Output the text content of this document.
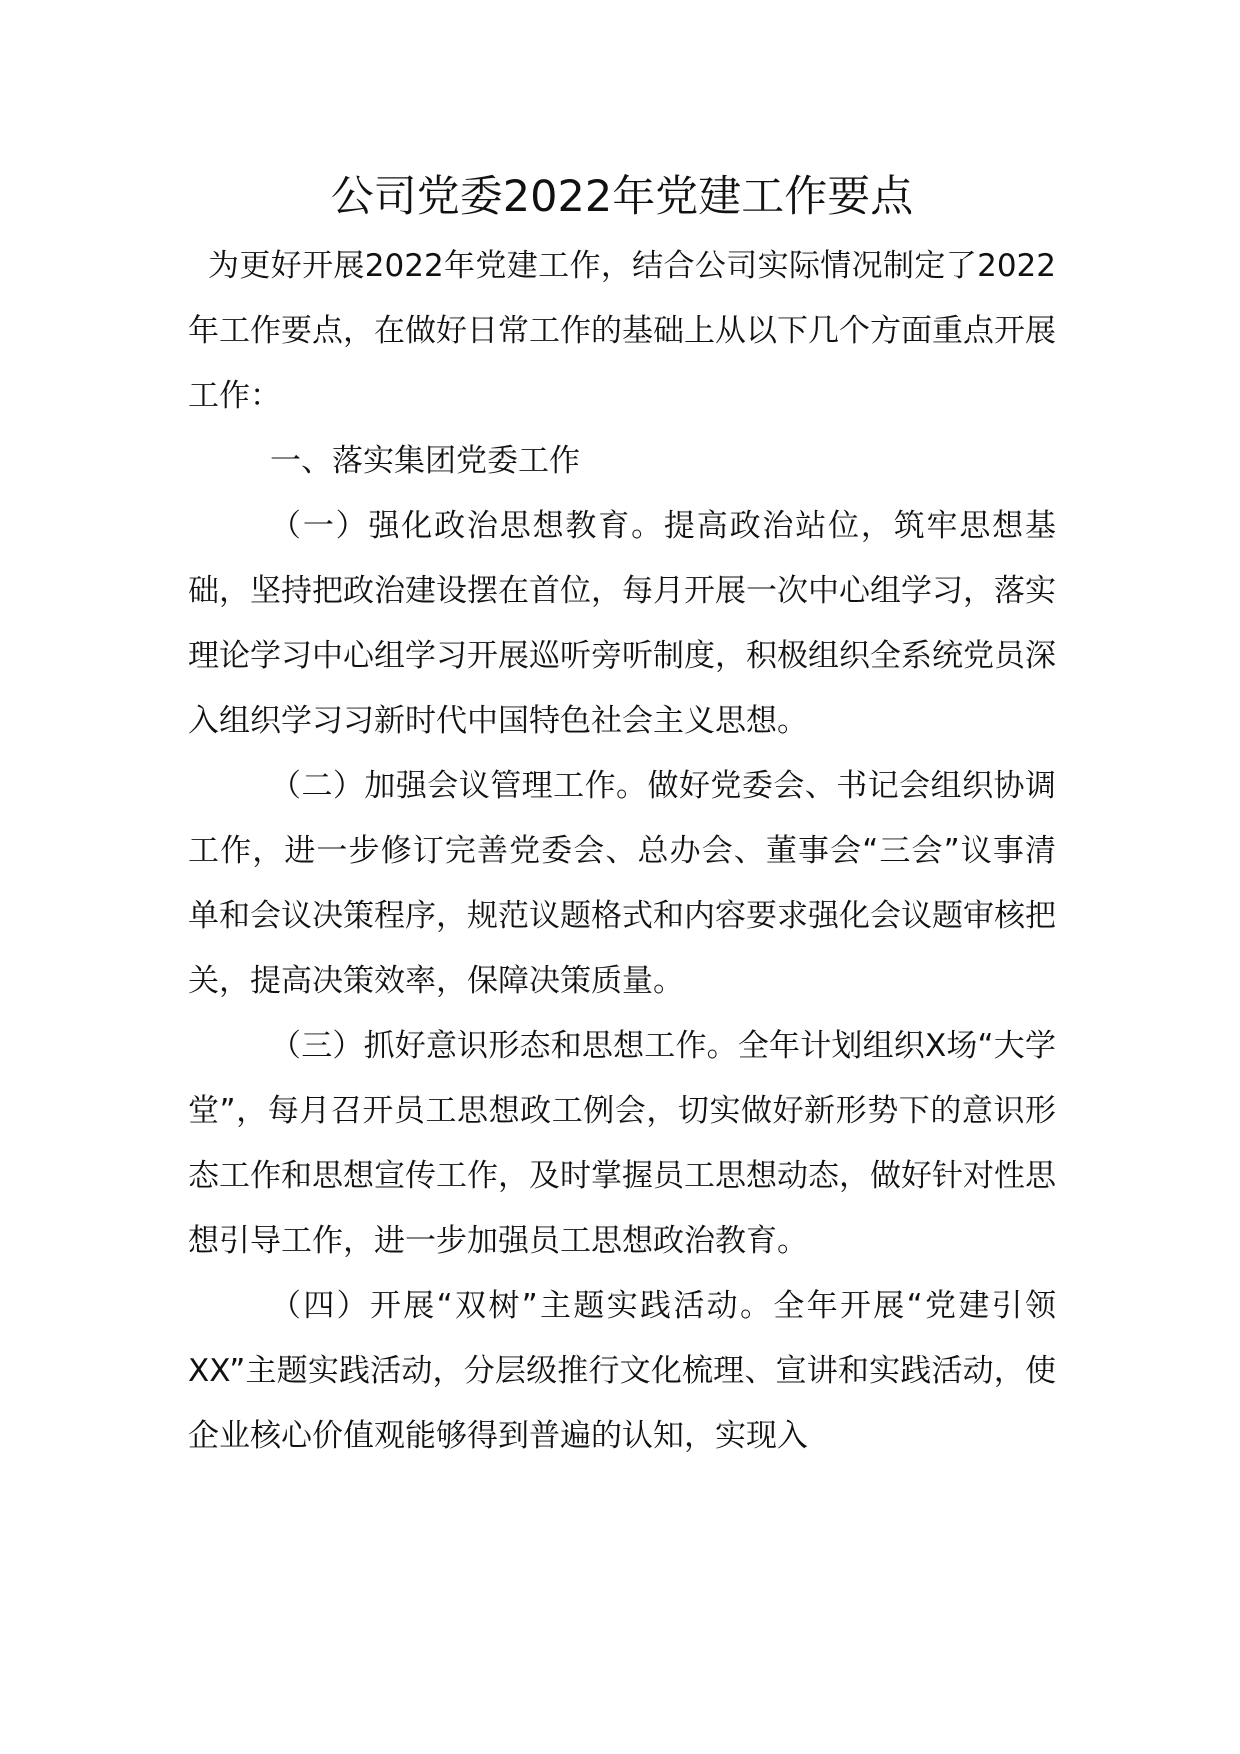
公司党委2022年党建工作要点

为更好开展2022年党建工作，结合公司实际情况制定了2022年工作要点，在做好日常工作的基础上从以下几个方面重点开展工作：

一、落实集团党委工作

（一）强化政治思想教育。提高政治站位，筑牢思想基础，坚持把政治建设摆在首位，每月开展一次中心组学习，落实理论学习中心组学习开展巡听旁听制度，积极组织全系统党员深入组织学习习新时代中国特色社会主义思想。

（二）加强会议管理工作。做好党委会、书记会组织协调工作，进一步修订完善党委会、总办会、董事会“三会”议事清单和会议决策程序，规范议题格式和内容要求强化会议题审核把关，提高决策效率，保障决策质量。

（三）抓好意识形态和思想工作。全年计划组织X场“大学堂”，每月召开员工思想政工例会，切实做好新形势下的意识形态工作和思想宣传工作，及时掌握员工思想动态，做好针对性思想引导工作，进一步加强员工思想政治教育。

（四）开展“双树”主题实践活动。全年开展“党建引领XX”主题实践活动，分层级推行文化梳理、宣讲和实践活动，使企业核心价值观能够得到普遍的认知，实现入
